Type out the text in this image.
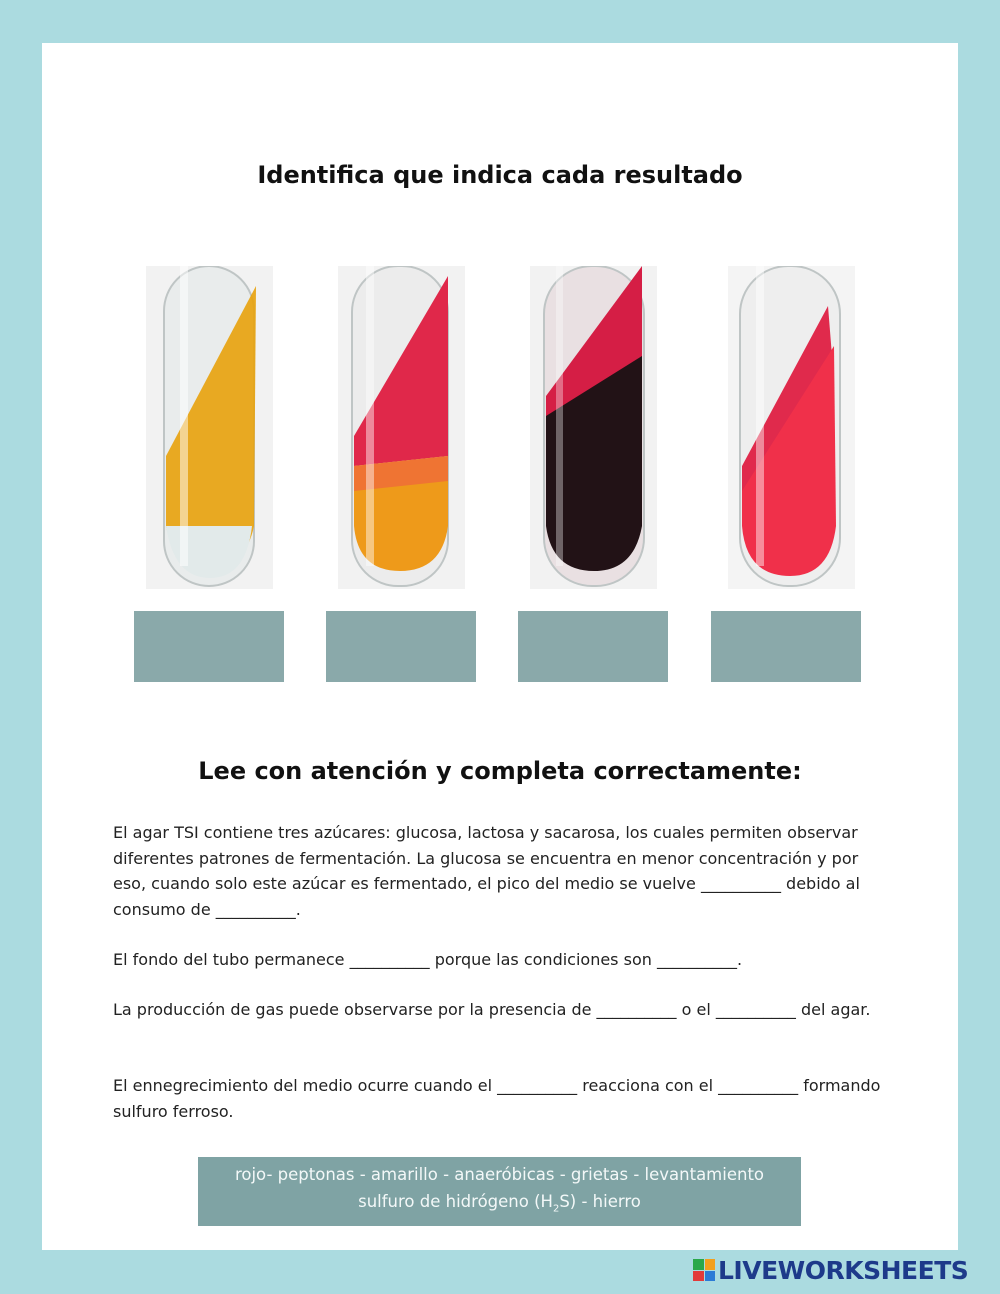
Identifica que indica cada resultado
Lee con atención y completa correctamente:

El agar TSI contiene tres azúcares: glucosa, lactosa y sacarosa, los cuales permiten observar diferentes patrones de fermentación. La glucosa se encuentra en menor concentración y por eso, cuando solo este azúcar es fermentado, el pico del medio se vuelve __________ debido al consumo de __________.

El fondo del tubo permanece __________ porque las condiciones son __________.

La producción de gas puede observarse por la presencia de __________ o el __________ del agar.

El ennegrecimiento del medio ocurre cuando el __________ reacciona con el __________ formando sulfuro ferroso.

rojo- peptonas - amarillo - anaeróbicas - grietas - levantamiento
sulfuro de hidrógeno $(H_2S)$ - hierro
LIVEWORKSHEETS
